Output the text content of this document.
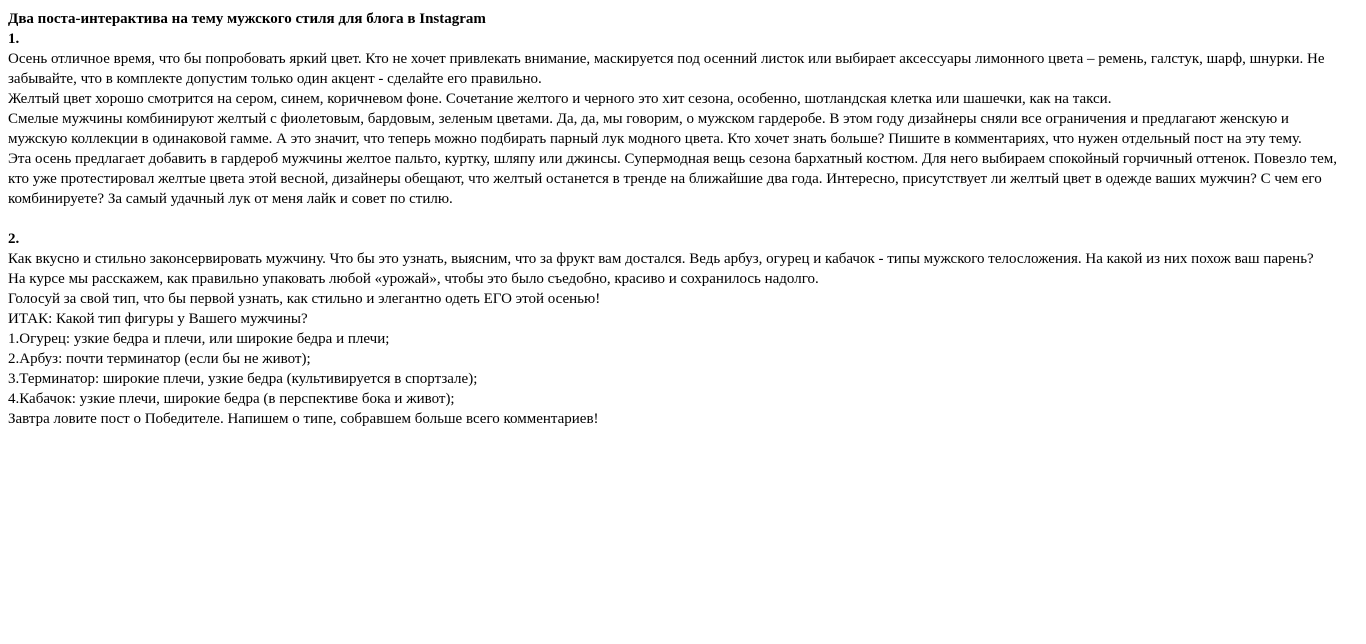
Два поста-интерактива на тему мужского стиля для блога в Instagram
1.
Осень отличное время, что бы попробовать яркий цвет. Кто не хочет привлекать внимание, маскируется под осенний листок или выбирает аксессуары лимонного цвета – ремень, галстук, шарф, шнурки. Не забывайте, что в комплекте допустим только один акцент - сделайте его правильно.
Желтый цвет хорошо смотрится на сером, синем, коричневом фоне. Сочетание желтого и черного это хит сезона, особенно, шотландская клетка или шашечки, как на такси.
Смелые мужчины комбинируют желтый с фиолетовым, бардовым, зеленым цветами. Да, да, мы говорим, о мужском гардеробе. В этом году дизайнеры сняли все ограничения и предлагают женскую и мужскую коллекции в одинаковой гамме. А это значит, что теперь можно подбирать парный лук модного цвета. Кто хочет знать больше? Пишите в комментариях, что нужен отдельный пост на эту тему.
Эта осень предлагает добавить в гардероб мужчины желтое пальто, куртку, шляпу или джинсы. Супермодная вещь сезона бархатный костюм. Для него выбираем спокойный горчичный оттенок. Повезло тем, кто уже протестировал желтые цвета этой весной, дизайнеры обещают, что желтый останется в тренде на ближайшие два года. Интересно, присутствует ли желтый цвет в одежде ваших мужчин? С чем его комбинируете? За самый удачный лук от меня лайк и совет по стилю.
2.
Как вкусно и стильно законсервировать мужчину. Что бы это узнать, выясним, что за фрукт вам достался. Ведь арбуз, огурец и кабачок - типы мужского телосложения. На какой из них похож ваш парень?
На курсе мы расскажем, как правильно упаковать любой «урожай», чтобы это было съедобно, красиво и сохранилось надолго.
Голосуй за свой тип, что бы первой узнать, как стильно и элегантно одеть ЕГО этой осенью!
ИТАК: Какой тип фигуры у Вашего мужчины?
1.Огурец: узкие бедра и плечи, или широкие бедра и плечи;
2.Арбуз: почти терминатор (если бы не живот);
3.Терминатор: широкие плечи, узкие бедра (культивируется в спортзале);
4.Кабачок: узкие плечи, широкие бедра (в перспективе бока и живот);
Завтра ловите пост о Победителе. Напишем о типе, собравшем больше всего комментариев!
